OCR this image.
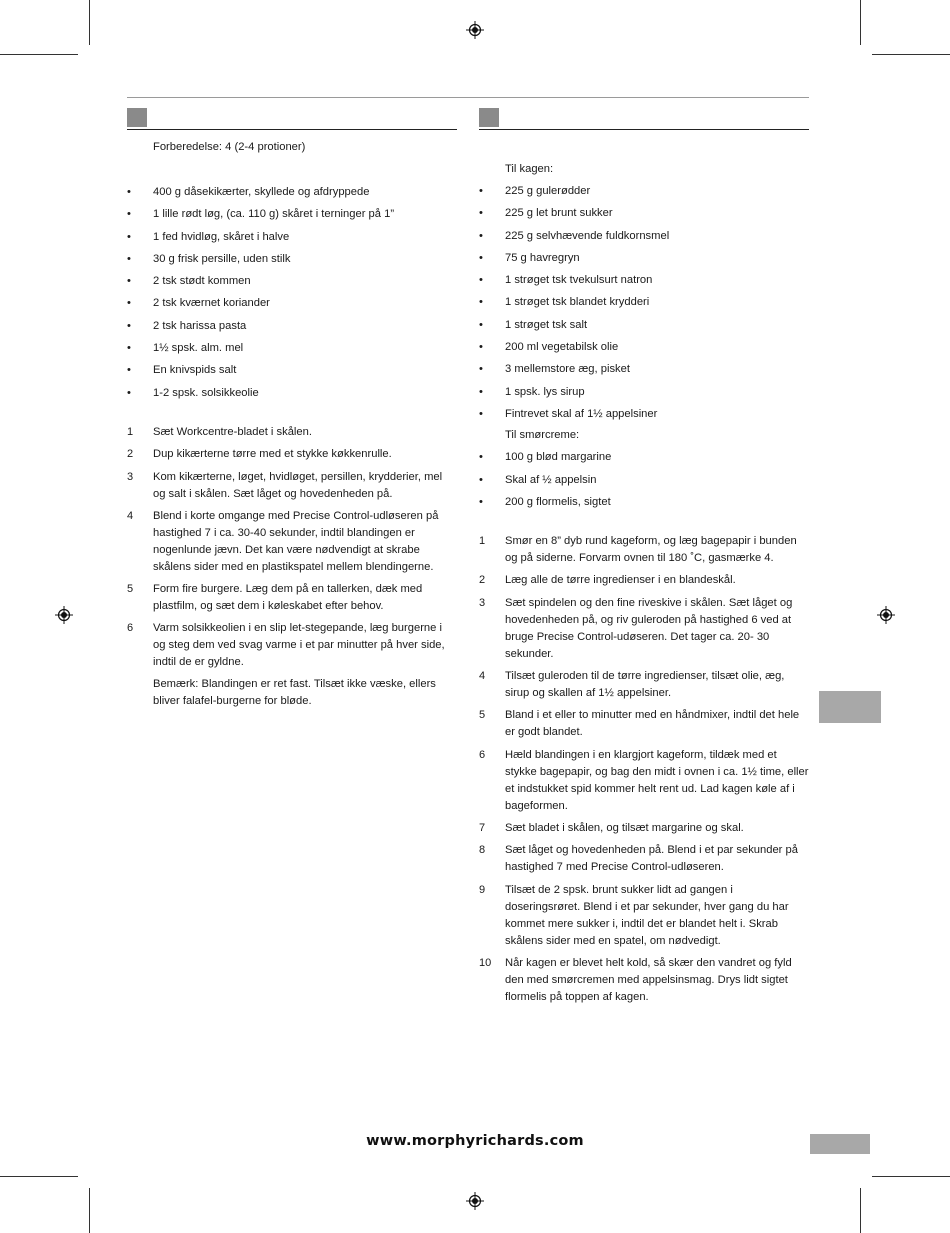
Forberedelse: 4 (2-4 protioner)

• 400 g dåsekikærter, skyllede og afdryppede
• 1 lille rødt løg, (ca. 110 g) skåret i terninger på 1”
• 1 fed hvidløg, skåret i halve
• 30 g frisk persille, uden stilk
• 2 tsk stødt kommen
• 2 tsk kværnet koriander
• 2 tsk harissa pasta
• 1½ spsk. alm. mel
• En knivspids salt
• 1-2 spsk. solsikkeolie
1 Sæt Workcentre-bladet i skålen.
2 Dup kikærterne tørre med et stykke køkkenrulle.
3 Kom kikærterne, løget, hvidløget, persillen, krydderier, mel og salt i skålen. Sæt låget og hovedenheden på.
4 Blend i korte omgange med Precise Control-udløseren på hastighed 7 i ca. 30-40 sekunder, indtil blandingen er nogenlunde jævn. Det kan være nødvendigt at skrabe skålens sider med en plastikspatel mellem blendingerne.
5 Form fire burgere. Læg dem på en tallerken, dæk med plastfilm, og sæt dem i køleskabet efter behov.
6 Varm solsikkeolien i en slip let-stegepande, læg burgerne i og steg dem ved svag varme i et par minutter på hver side, indtil de er gyldne.

Bemærk: Blandingen er ret fast. Tilsæt ikke væske, ellers bliver falafel-burgerne for bløde.

Til kagen:

• 225 g gulerødder
• 225 g let brunt sukker
• 225 g selvhævende fuldkornsmel
• 75 g havregryn
• 1 strøget tsk tvekulsurt natron
• 1 strøget tsk blandet krydderi
• 1 strøget tsk salt
• 200 ml vegetabilsk olie
• 3 mellemstore æg, pisket
• 1 spsk. lys sirup
• Fintrevet skal af 1½ appelsiner

Til smørcreme:

• 100 g blød margarine
• Skal af ½ appelsin
• 200 g flormelis, sigtet
1 Smør en 8” dyb rund kageform, og læg bagepapir i bunden og på siderne. Forvarm ovnen til 180 ˚C, gasmærke 4.
2 Læg alle de tørre ingredienser i en blandeskål.
3 Sæt spindelen og den fine riveskive i skålen. Sæt låget og hovedenheden på, og riv guleroden på hastighed 6 ved at bruge Precise Control-udøseren. Det tager ca. 20- 30 sekunder.
4 Tilsæt guleroden til de tørre ingredienser, tilsæt olie, æg, sirup og skallen af 1½ appelsiner.
5 Bland i et eller to minutter med en håndmixer, indtil det hele er godt blandet.
6 Hæld blandingen i en klargjort kageform, tildæk med et stykke bagepapir, og bag den midt i ovnen i ca. 1½ time, eller et indstukket spid kommer helt rent ud. Lad kagen køle af i bageformen.
7 Sæt bladet i skålen, og tilsæt margarine og skal.
8 Sæt låget og hovedenheden på. Blend i et par sekunder på hastighed 7 med Precise Control-udløseren.
9 Tilsæt de 2 spsk. brunt sukker lidt ad gangen i doseringsrøret. Blend i et par sekunder, hver gang du har kommet mere sukker i, indtil det er blandet helt i. Skrab skålens sider med en spatel, om nødvedigt.
10 Når kagen er blevet helt kold, så skær den vandret og fyld den med smørcremen med appelsinsmag. Drys lidt sigtet flormelis på toppen af kagen.
www.morphyrichards.com
